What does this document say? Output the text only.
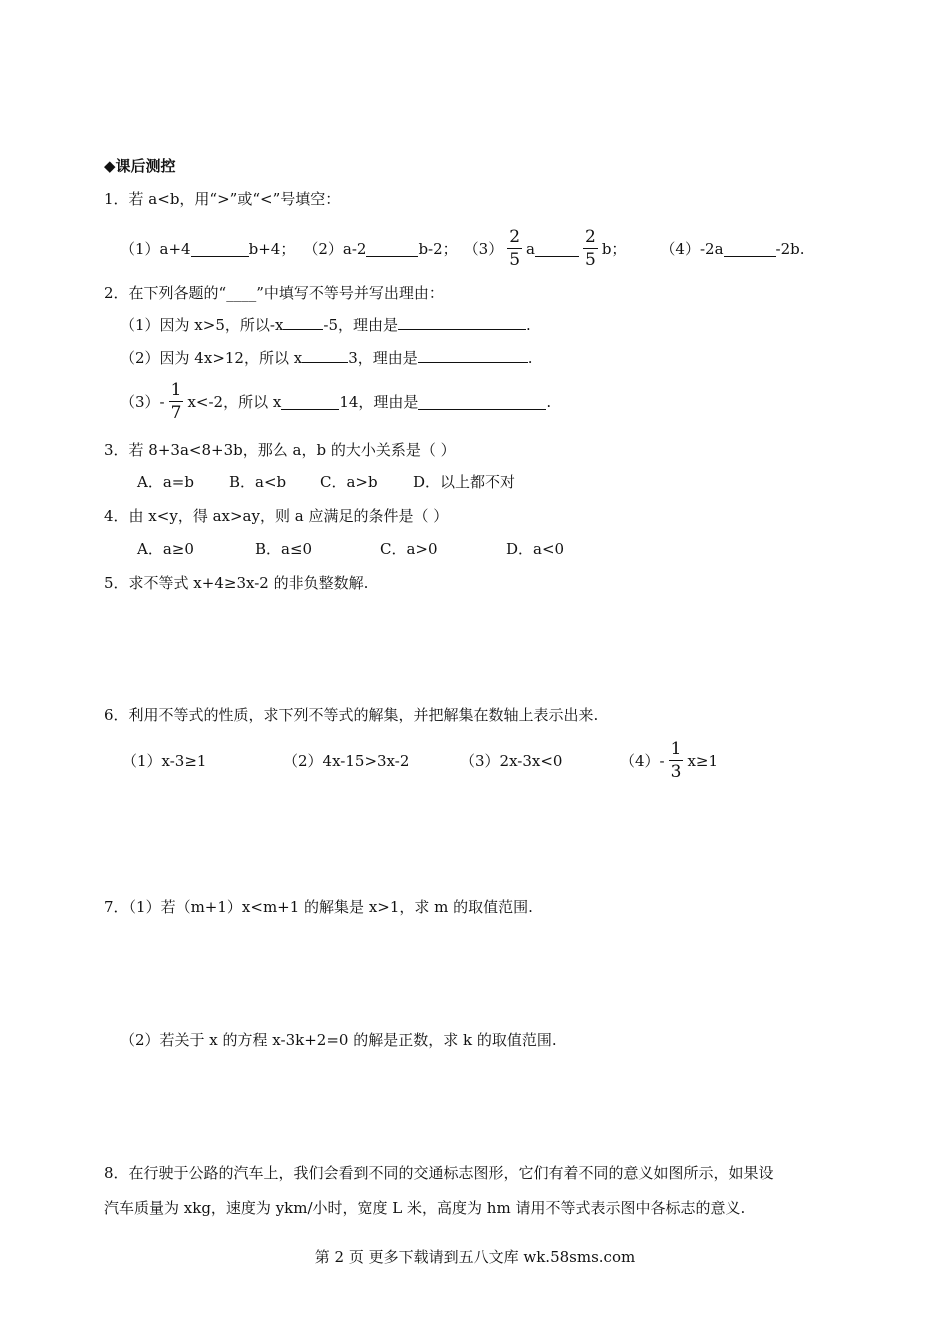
◆课后测控
1．若 a<b，用“>”或“<”号填空：
（1）a+4	b+4； （2）a-2	b-2； $(3) \frac{2}{5}$ a	$\frac{2}{5}$ b； （4）-2a	-2b.
2．在下列各题的“____”中填写不等号并写出理由：
（1）因为 x>5，所以-x	-5，理由是	.
（2）因为 4x>12，所以 x	3，理由是	.
$(3)- \frac{1}{7} x<-2$，所以 x	14，理由是	.
3．若 8+3a<8+3b，那么 a，b 的大小关系是（ ）
A．a=b B．a<b C．a>b D．以上都不对
4．由 x<y，得 ax>ay，则 a 应满足的条件是（ ）
A．a≥0	B．a≤0	C．a>0	D．a<0
5．求不等式 x+4≥3x-2 的非负整数解.
6．利用不等式的性质，求下列不等式的解集，并把解集在数轴上表示出来.
（1）x-3≥1	（2）4x-15>3x-2	（3）2x-3x<0	$(4)- \frac{1}{3} x\ge 1$
7．（1）若（m+1）x<m+1 的解集是 x>1，求 m 的取值范围.
（2）若关于 x 的方程 x-3k+2=0 的解是正数，求 k 的取值范围.
8．在行驶于公路的汽车上，我们会看到不同的交通标志图形，它们有着不同的意义如图所示，如果设
汽车质量为 xkg，速度为 ykm/小时，宽度 L 米，高度为 hm 请用不等式表示图中各标志的意义.
第 2 页 更多下载请到五八文库 wk.58sms.com
